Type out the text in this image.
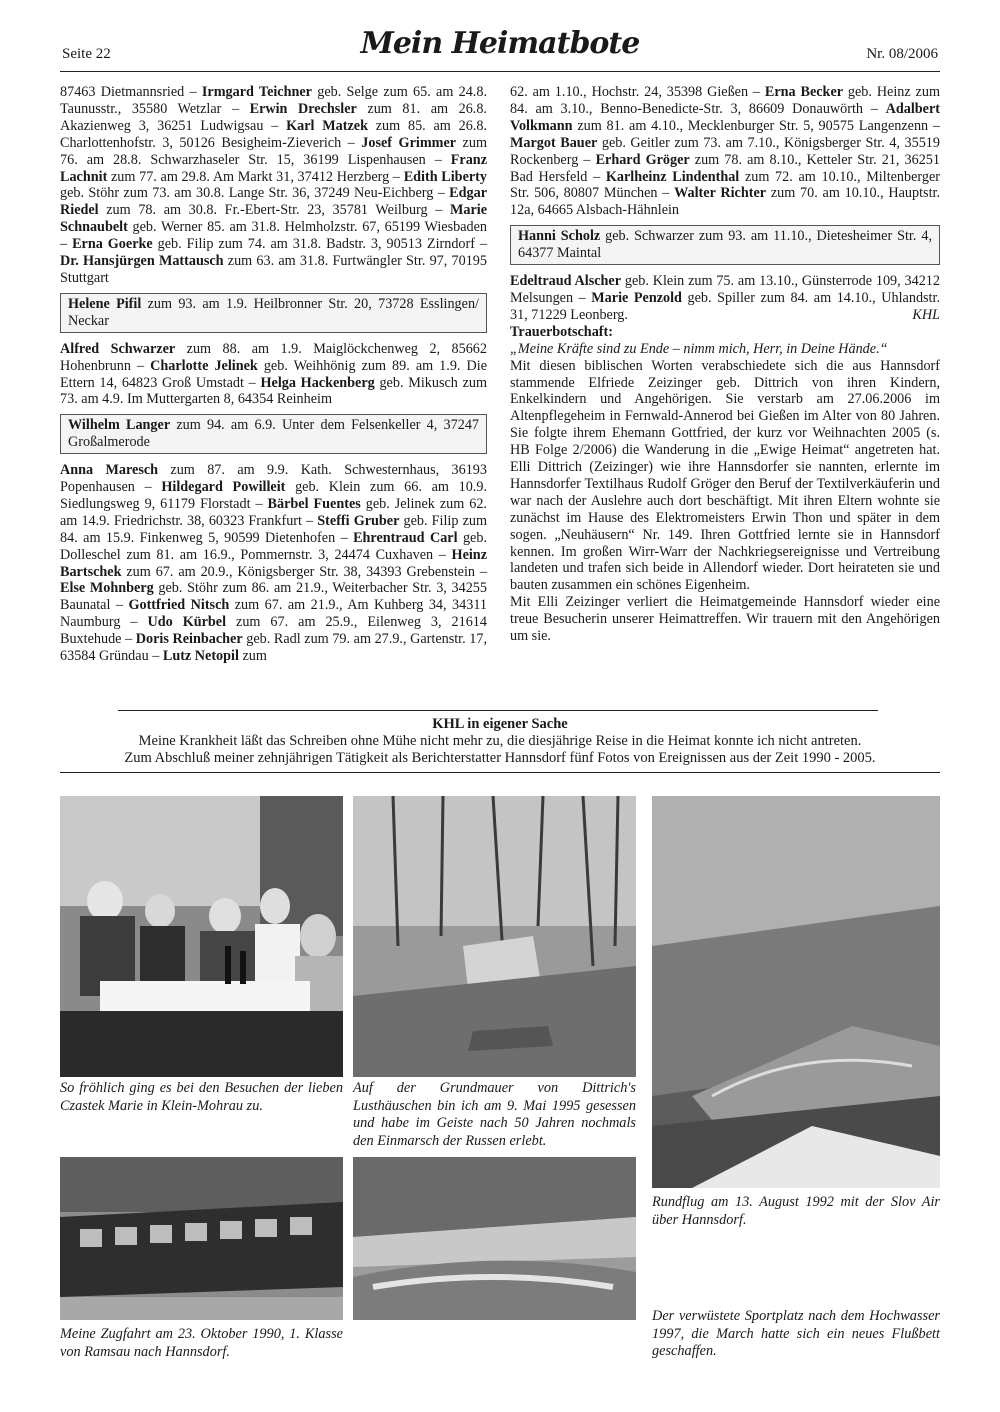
Seite 22	Mein Heimatbote	Nr. 08/2006

87463 Dietmannsried – Irmgard Teichner geb. Selge zum 65. am 24.8. Taunusstr., 35580 Wetzlar – Erwin Drechsler zum 81. am 26.8. Akazienweg 3, 36251 Ludwigsau – Karl Matzek zum 85. am 26.8. Charlottenhofstr. 3, 50126 Besigheim-Zieverich – Josef Grimmer zum 76. am 28.8. Schwarzhaseler Str. 15, 36199 Lispenhausen – Franz Lachnit zum 77. am 29.8. Am Markt 31, 37412 Herzberg – Edith Liberty geb. Stöhr zum 73. am 30.8. Lange Str. 36, 37249 Neu-Eichberg – Edgar Riedel zum 78. am 30.8. Fr.-Ebert-Str. 23, 35781 Weilburg – Marie Schnaubelt geb. Werner 85. am 31.8. Helmholzstr. 67, 65199 Wiesbaden – Erna Goerke geb. Filip zum 74. am 31.8. Badstr. 3, 90513 Zirndorf – Dr. Hansjürgen Mattausch zum 63. am 31.8. Furtwängler Str. 97, 70195 Stuttgart

Helene Pifil zum 93. am 1.9. Heilbronner Str. 20, 73728 Esslingen/ Neckar

Alfred Schwarzer zum 88. am 1.9. Maiglöckchenweg 2, 85662 Hohenbrunn – Charlotte Jelinek geb. Weihhönig zum 89. am 1.9. Die Ettern 14, 64823 Groß Umstadt – Helga Hackenberg geb. Mikusch zum 73. am 4.9. Im Muttergarten 8, 64354 Reinheim

Wilhelm Langer zum 94. am 6.9. Unter dem Felsenkeller 4, 37247 Großalmerode

Anna Maresch zum 87. am 9.9. Kath. Schwesternhaus, 36193 Popenhausen – Hildegard Powilleit geb. Klein zum 66. am 10.9. Siedlungsweg 9, 61179 Florstadt – Bärbel Fuentes geb. Jelinek zum 62. am 14.9. Friedrichstr. 38, 60323 Frankfurt – Steffi Gruber geb. Filip zum 84. am 15.9. Finkenweg 5, 90599 Dietenhofen – Ehrentraud Carl geb. Dolleschel zum 81. am 16.9., Pommernstr. 3, 24474 Cuxhaven – Heinz Bartschek zum 67. am 20.9., Königsberger Str. 38, 34393 Grebenstein – Else Mohnberg geb. Stöhr zum 86. am 21.9., Weiterbacher Str. 3, 34255 Baunatal – Gottfried Nitsch zum 67. am 21.9., Am Kuhberg 34, 34311 Naumburg – Udo Kürbel zum 67. am 25.9., Eilenweg 3, 21614 Buxtehude – Doris Reinbacher geb. Radl zum 79. am 27.9., Gartenstr. 17, 63584 Gründau – Lutz Netopil zum

62. am 1.10., Hochstr. 24, 35398 Gießen – Erna Becker geb. Heinz zum 84. am 3.10., Benno-Benedicte-Str. 3, 86609 Donauwörth – Adalbert Volkmann zum 81. am 4.10., Mecklenburger Str. 5, 90575 Langenzenn – Margot Bauer geb. Geitler zum 73. am 7.10., Königsberger Str. 4, 35519 Rockenberg – Erhard Gröger zum 78. am 8.10., Ketteler Str. 21, 36251 Bad Hersfeld – Karlheinz Lindenthal zum 72. am 10.10., Miltenberger Str. 506, 80807 München – Walter Richter zum 70. am 10.10., Hauptstr. 12a, 64665 Alsbach-Hähnlein

Hanni Scholz geb. Schwarzer zum 93. am 11.10., Dietesheimer Str. 4, 64377 Maintal

Edeltraud Alscher geb. Klein zum 75. am 13.10., Günsterrode 109, 34212 Melsungen – Marie Penzold geb. Spiller zum 84. am 14.10., Uhlandstr. 31, 71229 Leonberg.	KHL

Trauerbotschaft:

„Meine Kräfte sind zu Ende – nimm mich, Herr, in Deine Hände.“

Mit diesen biblischen Worten verabschiedete sich die aus Hannsdorf stammende Elfriede Zeizinger geb. Dittrich von ihren Kindern, Enkelkindern und Angehörigen. Sie verstarb am 27.06.2006 im Altenpflegeheim in Fernwald-Annerod bei Gießen im Alter von 80 Jahren. Sie folgte ihrem Ehemann Gottfried, der kurz vor Weihnachten 2005 (s. HB Folge 2/2006) die Wanderung in die „Ewige Heimat“ angetreten hat. Elli Dittrich (Zeizinger) wie ihre Hannsdorfer sie nannten, erlernte im Hannsdorfer Textilhaus Rudolf Gröger den Beruf der Textilverkäuferin und war nach der Auslehre auch dort beschäftigt. Mit ihren Eltern wohnte sie zunächst im Hause des Elektromeisters Erwin Thon und später in dem sogen. „Neuhäusern“ Nr. 149. Ihren Gottfried lernte sie in Hannsdorf kennen. Im großen Wirr-Warr der Nachkriegsereignisse und Vertreibung landeten und trafen sich beide in Allendorf wieder. Dort heirateten sie und bauten zusammen ein schönes Eigenheim.

Mit Elli Zeizinger verliert die Heimatgemeinde Hannsdorf wieder eine treue Besucherin unserer Heimattreffen. Wir trauern mit den Angehörigen um sie.

KHL in eigener Sache
Meine Krankheit läßt das Schreiben ohne Mühe nicht mehr zu, die diesjährige Reise in die Heimat konnte ich nicht antreten.
Zum Abschluß meiner zehnjährigen Tätigkeit als Berichterstatter Hannsdorf fünf Fotos von Ereignissen aus der Zeit 1990 - 2005.
So fröhlich ging es bei den Besuchen der lieben Czastek Marie in Klein-Mohrau zu.
Auf der Grundmauer von Dittrich's Lusthäuschen bin ich am 9. Mai 1995 gesessen und habe im Geiste nach 50 Jahren nochmals den Einmarsch der Russen erlebt.
Rundflug am 13. August 1992 mit der Slov Air über Hannsdorf.
Meine Zugfahrt am 23. Oktober 1990, 1. Klasse von Ramsau nach Hannsdorf.
Der verwüstete Sportplatz nach dem Hochwasser 1997, die March hatte sich ein neues Flußbett geschaffen.
